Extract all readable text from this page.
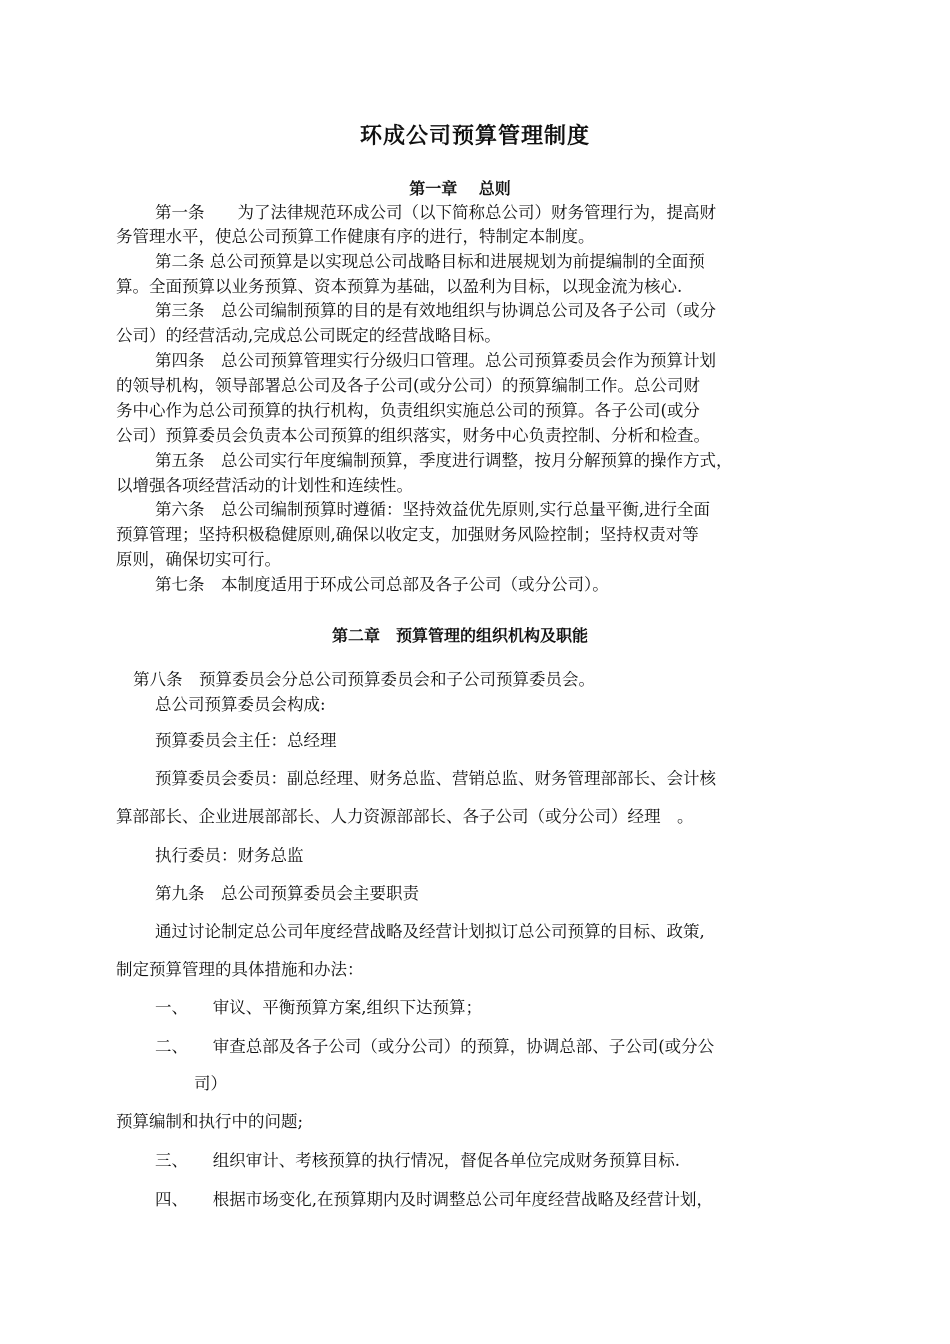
环成公司预算管理制度
第一章　 总则
第一条　　为了法律规范环成公司（以下简称总公司）财务管理行为，提高财
务管理水平，使总公司预算工作健康有序的进行，特制定本制度。
第二条 总公司预算是以实现总公司战略目标和进展规划为前提编制的全面预
算。全面预算以业务预算、资本预算为基础，以盈利为目标，以现金流为核心.
第三条　总公司编制预算的目的是有效地组织与协调总公司及各子公司（或分
公司）的经营活动,完成总公司既定的经营战略目标。
第四条　总公司预算管理实行分级归口管理。总公司预算委员会作为预算计划
的领导机构，领导部署总公司及各子公司(或分公司）的预算编制工作。总公司财
务中心作为总公司预算的执行机构，负责组织实施总公司的预算。各子公司(或分
公司）预算委员会负责本公司预算的组织落实，财务中心负责控制、分析和检查。
第五条　总公司实行年度编制预算，季度进行调整，按月分解预算的操作方式，
以增强各项经营活动的计划性和连续性。
第六条　总公司编制预算时遵循：坚持效益优先原则,实行总量平衡,进行全面
预算管理；坚持积极稳健原则,确保以收定支，加强财务风险控制；坚持权责对等
原则，确保切实可行。
第七条　本制度适用于环成公司总部及各子公司（或分公司）。
第二章　预算管理的组织机构及职能
第八条　预算委员会分总公司预算委员会和子公司预算委员会。
总公司预算委员会构成:
预算委员会主任：总经理
预算委员会委员：副总经理、财务总监、营销总监、财务管理部部长、会计核
算部部长、企业进展部部长、人力资源部部长、各子公司（或分公司）经理　。
执行委员：财务总监
第九条　总公司预算委员会主要职责
通过讨论制定总公司年度经营战略及经营计划拟订总公司预算的目标、政策,
制定预算管理的具体措施和办法：
一、　　审议、平衡预算方案,组织下达预算；
二、　　审查总部及各子公司（或分公司）的预算，协调总部、子公司(或分公
司）
预算编制和执行中的问题;
三、　　组织审计、考核预算的执行情况，督促各单位完成财务预算目标.
四、　　根据市场变化,在预算期内及时调整总公司年度经营战略及经营计划，
